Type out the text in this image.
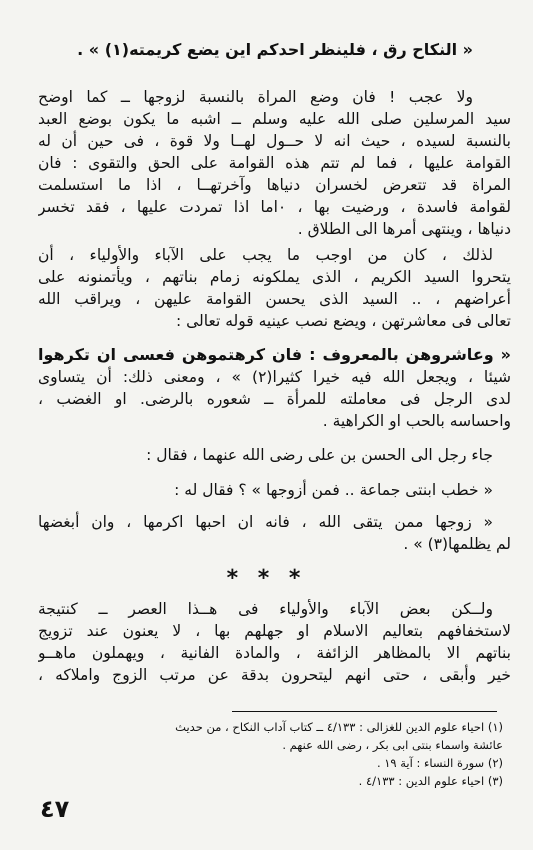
« النكاح رق ، فلينظر احدكم اين يضع كريمته(١) » .
ولا عجب ! فان وضع المراة بالنسبة لزوجها ــ كما اوضح
سيد المرسلين صلى الله عليه وسلم ــ اشبه ما يكون بوضع العبد
بالنسبة لسيده ، حيث انه لا حــول لهــا ولا قوة ، فى حين أن له
القوامة عليها ، فما لم تتم هذه القوامة على الحق والتقوى : فان
المراة قد تتعرض لخسران دنياها وآخرتهــا ، اذا ما استسلمت
لقوامة فاسدة ، ورضيت بها ، ٠اما اذا تمردت عليها ، فقد تخسر
دنياها ، وينتهى أمرها الى الطلاق .
لذلك ، كان من اوجب ما يجب على الآباء والأولياء ، أن
يتحروا السيد الكريم ، الذى يملكونه زمام بناتهم ، ويأتمنونه على
أعراضهم ، .. السيد الذى يحسن القوامة عليهن ، ويراقب الله
تعالى فى معاشرتهن ، ويضع نصب عينيه قوله تعالى :
« وعاشروهن بالمعروف : فان كرهتموهن فعسى ان تكرهوا
شيئا ، ويجعل الله فيه خيرا كثيرا(٢) » ، ومعنى ذلك: أن يتساوى
لدى الرجل فى معاملته للمرأة ــ شعوره بالرضى. او الغضب ،
واحساسه بالحب او الكراهية .
جاء رجل الى الحسن بن على رضى الله عنهما ، فقال :
« خطب ابنتى جماعة .. فمن أزوجها » ؟ فقال له :
« زوجها ممن يتقى الله ، فانه ان احبها اكرمها ، وان أبغضها
لم يظلمها(٣) » .
* * *
ولــكن بعض الآباء والأولياء فى هــذا العصر ــ كنتيجة
لاستخفافهم بتعاليم الاسلام او جهلهم بها ، لا يعنون عند تزويج
بناتهم الا بالمظاهر الزائفة ، والمادة الفانية ، ويهملون ماهــو
خير وأبقى ، حتى انهم ليتحرون بدقة عن مرتب الزوج واملاكه ،
(١) احياء علوم الدين للغزالى : ٤/١٣٣ ــ كتاب آداب النكاح ، من حديث
عائشة واسماء بنتى ابى بكر ، رضى الله عنهم .
(٢) سورة النساء : آية ١٩ .
(٣) احياء علوم الدين : ٤/١٣٣ .
٤٧
